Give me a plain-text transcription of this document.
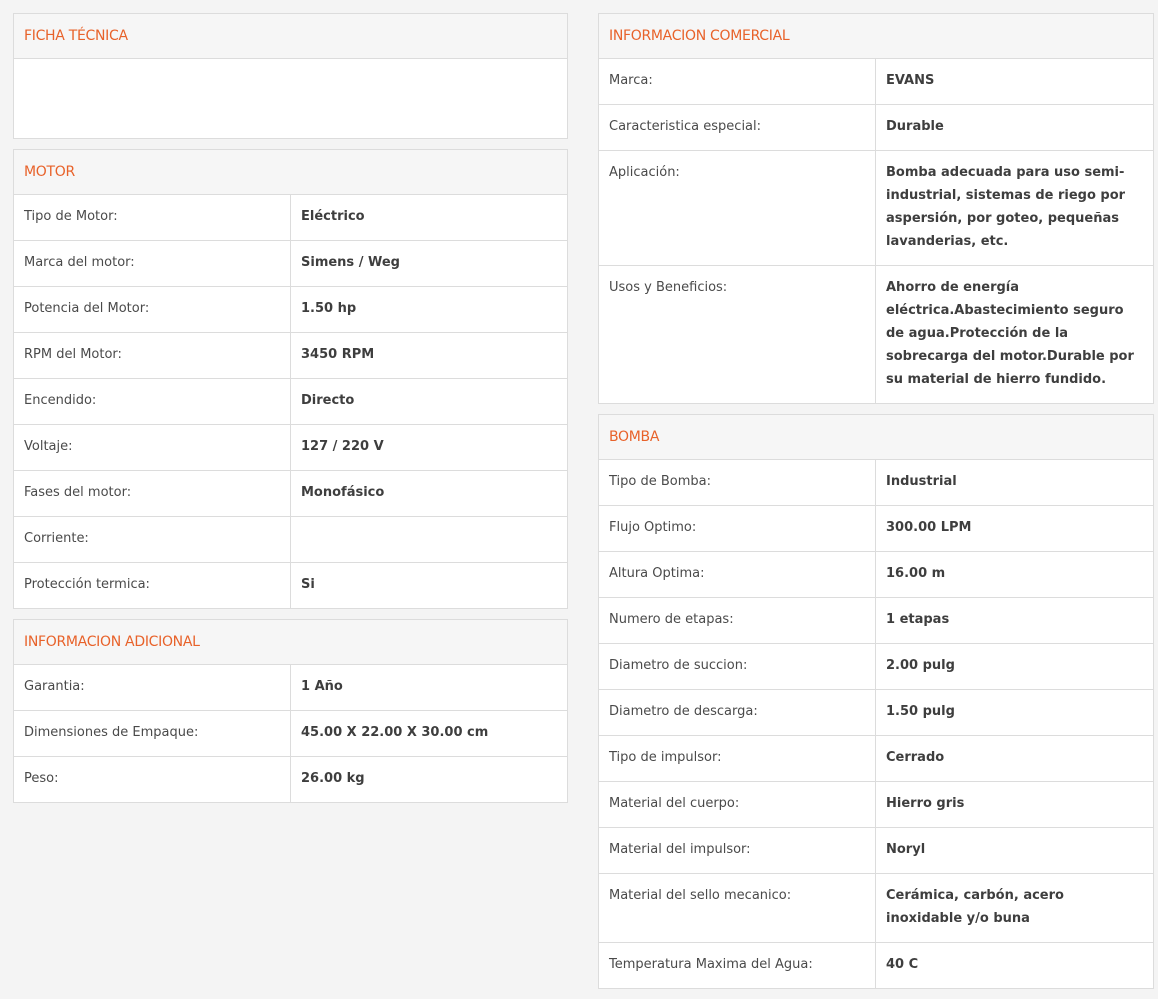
FICHA TÉCNICA
MOTOR
Tipo de Motor:	Eléctrico
Marca del motor:	Simens / Weg
Potencia del Motor:	1.50 hp
RPM del Motor:	3450 RPM
Encendido:	Directo
Voltaje:	127 / 220 V
Fases del motor:	Monofásico
Corriente:	
Protección termica:	Si
INFORMACION ADICIONAL
Garantia:	1 Año
Dimensiones de Empaque:	45.00 X 22.00 X 30.00 cm
Peso:	26.00 kg
INFORMACION COMERCIAL
Marca:	EVANS
Caracteristica especial:	Durable
Aplicación:	Bomba adecuada para uso semi-industrial, sistemas de riego por aspersión, por goteo, pequeñas lavanderias, etc.
Usos y Beneficios:	Ahorro de energía eléctrica.Abastecimiento seguro de agua.Protección de la sobrecarga del motor.Durable por su material de hierro fundido.
BOMBA
Tipo de Bomba:	Industrial
Flujo Optimo:	300.00 LPM
Altura Optima:	16.00 m
Numero de etapas:	1 etapas
Diametro de succion:	2.00 pulg
Diametro de descarga:	1.50 pulg
Tipo de impulsor:	Cerrado
Material del cuerpo:	Hierro gris
Material del impulsor:	Noryl
Material del sello mecanico:	Cerámica, carbón, acero inoxidable y/o buna
Temperatura Maxima del Agua:	40 C
